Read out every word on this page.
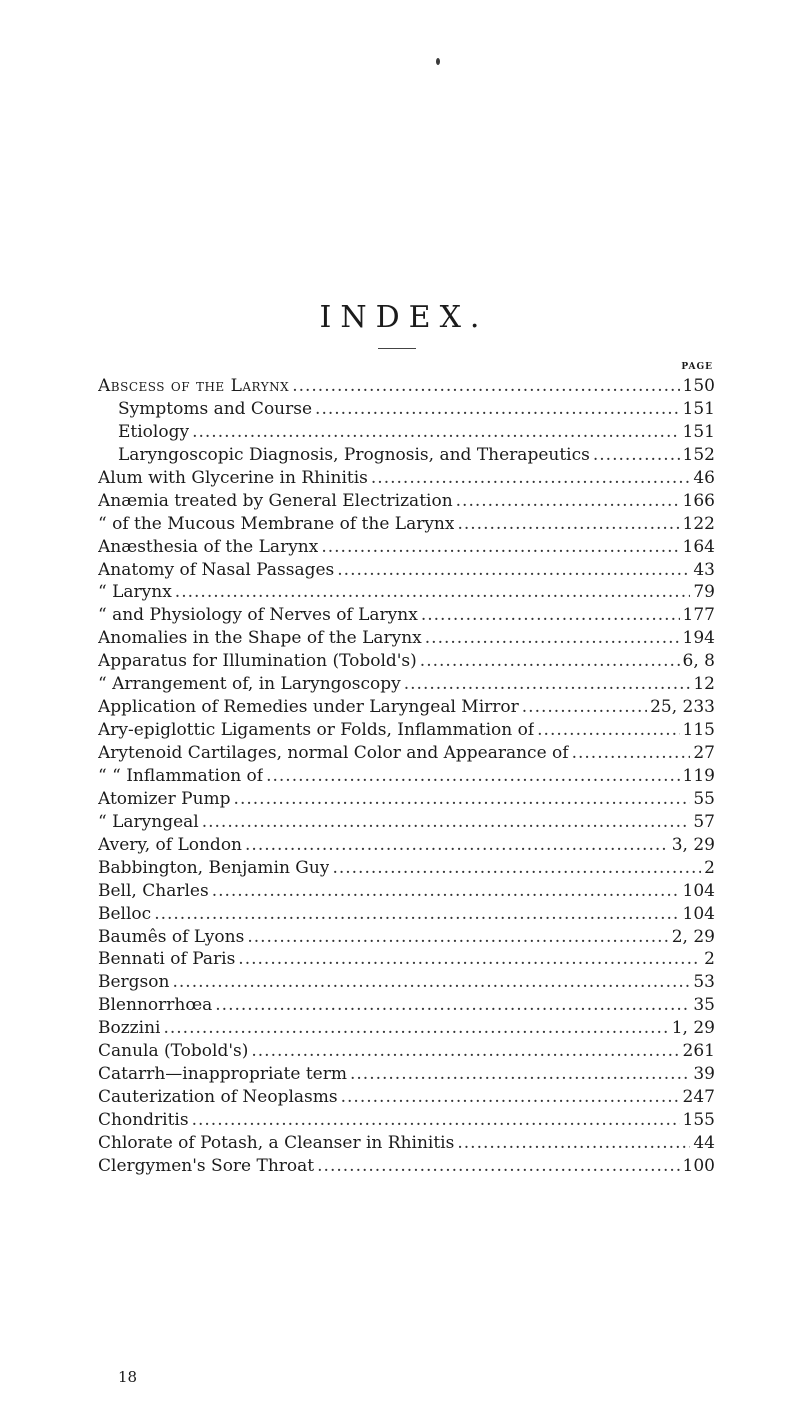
INDEX.
PAGE
Abscess of the Larynx .....	150
Symptoms and Course .....	151
Etiology .....	151
Laryngoscopic Diagnosis, Prognosis, and Therapeutics .....	152
Alum with Glycerine in Rhinitis .....	46
Anæmia treated by General Electrization .....	166
“ of the Mucous Membrane of the Larynx .....	122
Anæsthesia of the Larynx .....	164
Anatomy of Nasal Passages .....	43
“ Larynx .....	79
“ and Physiology of Nerves of Larynx .....	177
Anomalies in the Shape of the Larynx .....	194
Apparatus for Illumination (Tobold's) .....	6, 8
“ Arrangement of, in Laryngoscopy .....	12
Application of Remedies under Laryngeal Mirror .....	25, 233
Ary-epiglottic Ligaments or Folds, Inflammation of .....	115
Arytenoid Cartilages, normal Color and Appearance of .....	27
“ “ Inflammation of .....	119
Atomizer Pump .....	55
“ Laryngeal .....	57
Avery, of London .....	3, 29
Babbington, Benjamin Guy .....	2
Bell, Charles .....	104
Belloc .....	104
Baumês of Lyons .....	2, 29
Bennati of Paris .....	2
Bergson .....	53
Blennorrhœa .....	35
Bozzini .....	1, 29
Canula (Tobold's) .....	261
Catarrh—inappropriate term .....	39
Cauterization of Neoplasms .....	247
Chondritis .....	155
Chlorate of Potash, a Cleanser in Rhinitis .....	44
Clergymen's Sore Throat .....	100
18
